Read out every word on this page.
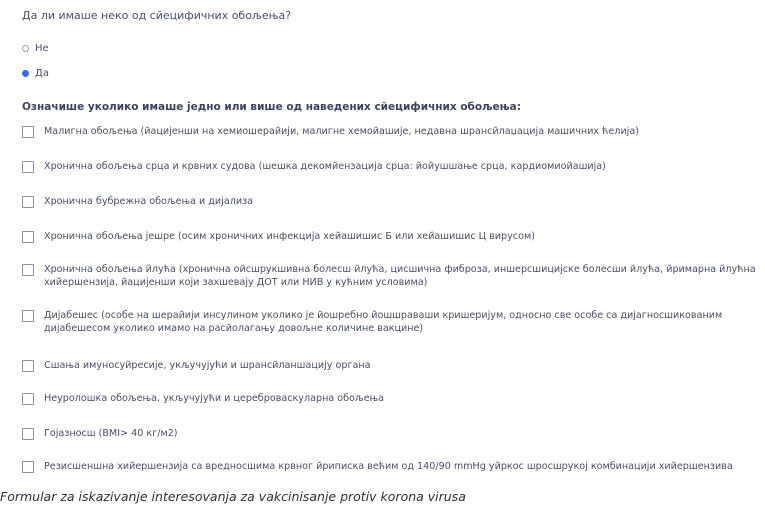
Да ли имаше неко од сйецифичних обољења?
Не
Да
Означише уколико имаше једно или више од наведених сйецифичних обољења:
Малигна обољења (йацијенши на хемиошерайији, малигне хемойашије, недавна шрансйлаџација машичних ћелија)
Хронична обољења срца и крвних судова (шешка декомйензација срца: йойушшање срца, кардиомиойашија)
Хронична бубрежна обољења и дијализа
Хронична обољења јешре (осим хроничних инфекција хейашишис Б или хейашишис Ц вирусом)
Хронична обољења йлућа (хронична ойсшрукшивна болесш йлућа, цисшична фиброза, иншерсшицијске болесши йлућа, йримарна йлућна хийершензија, йацијенши који захшевају ДОТ или НИВ у кућним условима)
Дијабешес (особе на шерайији инсулином уколико је йошребно йошшраваши кришеријум, односно све особе са дијагносшикованим дијабешесом уколико имамо на расйолагању довољне количине вакцине)
Сшања имуносуйресије, укључујући и шрансйланшацију органа
Неуролошка обољења, укључујући и цереброваскуларна обољења
Гојазносш (BMI> 40 кг/м2)
Резисшеншна хийершензија са вредносшима крвног йриписка већим од 140/90 mmHg уйркос шросшрукој комбинацији хийершензива
Formular za iskazivanje interesovanja za vakcinisanje protiv korona virusa
